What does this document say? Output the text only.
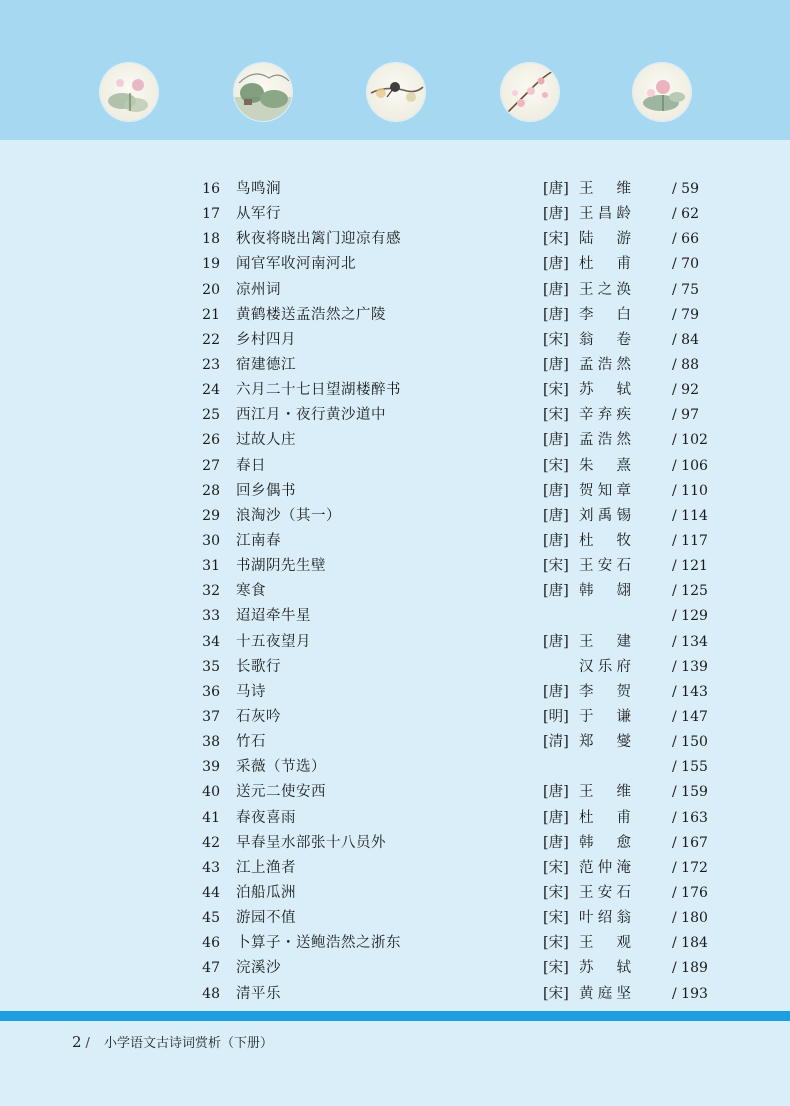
16 鸟鸣涧	[唐] 王 维	/ 59
17 从军行	[唐] 王昌龄	/ 62
18 秋夜将晓出篱门迎凉有感	[宋] 陆 游	/ 66
19 闻官军收河南河北	[唐] 杜 甫	/ 70
20 凉州词	[唐] 王之涣	/ 75
21 黄鹤楼送孟浩然之广陵	[唐] 李 白	/ 79
22 乡村四月	[宋] 翁 卷	/ 84
23 宿建德江	[唐] 孟浩然	/ 88
24 六月二十七日望湖楼醉书	[宋] 苏 轼	/ 92
25 西江月・夜行黄沙道中	[宋] 辛弃疾	/ 97
26 过故人庄	[唐] 孟浩然	/ 102
27 春日	[宋] 朱 熹	/ 106
28 回乡偶书	[唐] 贺知章	/ 110
29 浪淘沙（其一）	[唐] 刘禹锡	/ 114
30 江南春	[唐] 杜 牧	/ 117
31 书湖阴先生壁	[宋] 王安石	/ 121
32 寒食	[唐] 韩 翃	/ 125
33 迢迢牵牛星	/ 129
34 十五夜望月	[唐] 王 建	/ 134
35 长歌行	汉乐府	/ 139
36 马诗	[唐] 李 贺	/ 143
37 石灰吟	[明] 于 谦	/ 147
38 竹石	[清] 郑 燮	/ 150
39 采薇（节选）	/ 155
40 送元二使安西	[唐] 王 维	/ 159
41 春夜喜雨	[唐] 杜 甫	/ 163
42 早春呈水部张十八员外	[唐] 韩 愈	/ 167
43 江上渔者	[宋] 范仲淹	/ 172
44 泊船瓜洲	[宋] 王安石	/ 176
45 游园不值	[宋] 叶绍翁	/ 180
46 卜算子・送鲍浩然之浙东	[宋] 王 观	/ 184
47 浣溪沙	[宋] 苏 轼	/ 189
48 清平乐	[宋] 黄庭坚	/ 193
2 / 小学语文古诗词赏析（下册）
